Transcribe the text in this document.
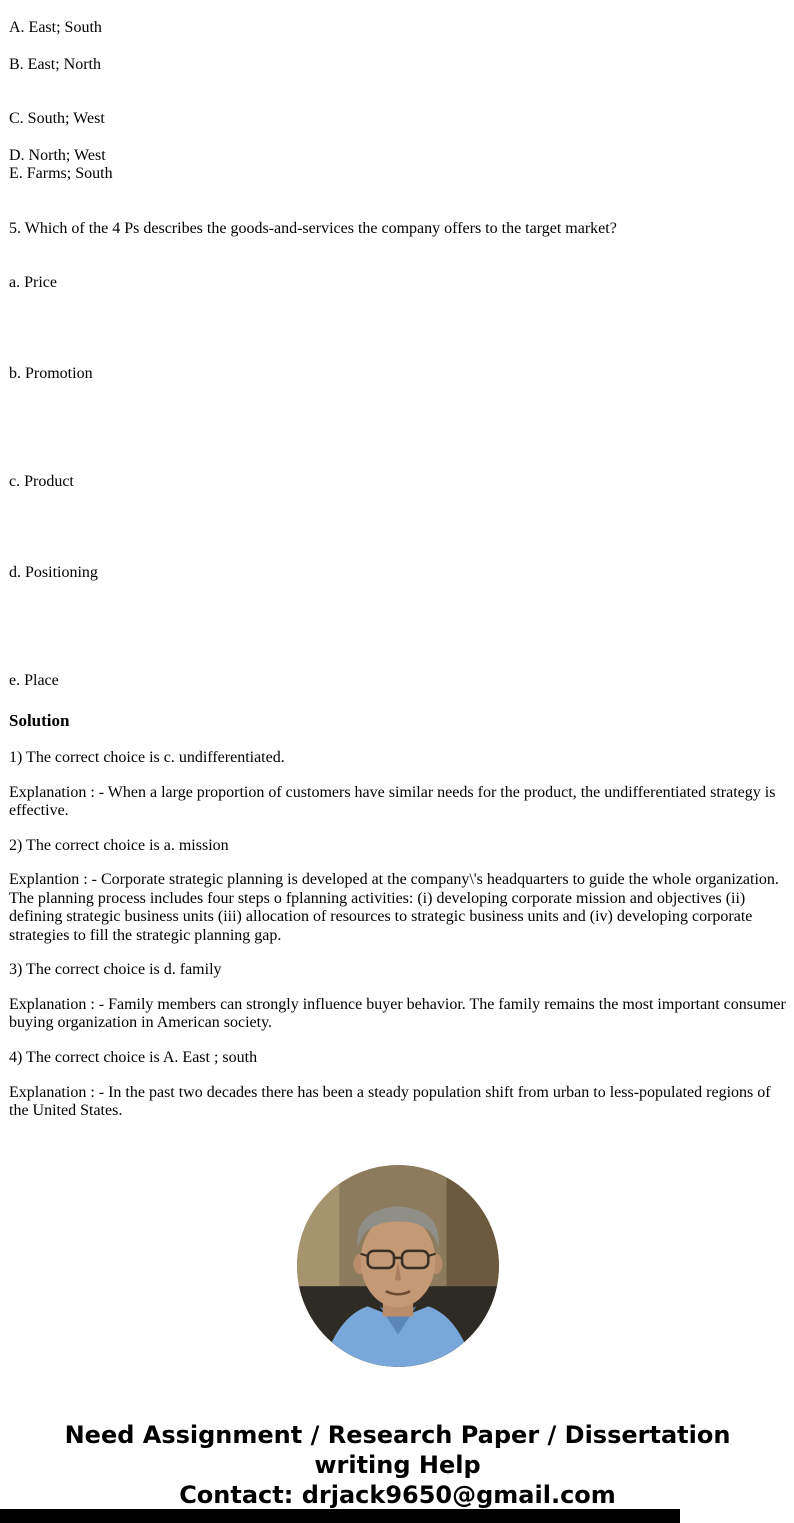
A. East; South

B. East; North

C. South; West

D. North; West

E. Farms; South

5. Which of the 4 Ps describes the goods-and-services the company offers to the target market?

a. Price

b. Promotion

c. Product

d. Positioning

e. Place

Solution

1) The correct choice is c. undifferentiated.

Explanation : - When a large proportion of customers have similar needs for the product, the undifferentiated strategy is effective.

2) The correct choice is a. mission

Explantion : - Corporate strategic planning is developed at the company\'s headquarters to guide the whole organization. The planning process includes four steps o fplanning activities: (i) developing corporate mission and objectives (ii) defining strategic business units (iii) allocation of resources to strategic business units and (iv) developing corporate strategies to fill the strategic planning gap.

3) The correct choice is d. family

Explanation : - Family members can strongly influence buyer behavior. The family remains the most important consumer buying organization in American society.

4) The correct choice is A. East ; south

Explanation : - In the past two decades there has been a steady population shift from urban to less-populated regions of the United States.

Need Assignment / Research Paper / Dissertation
writing Help
Contact: drjack9650@gmail.com
